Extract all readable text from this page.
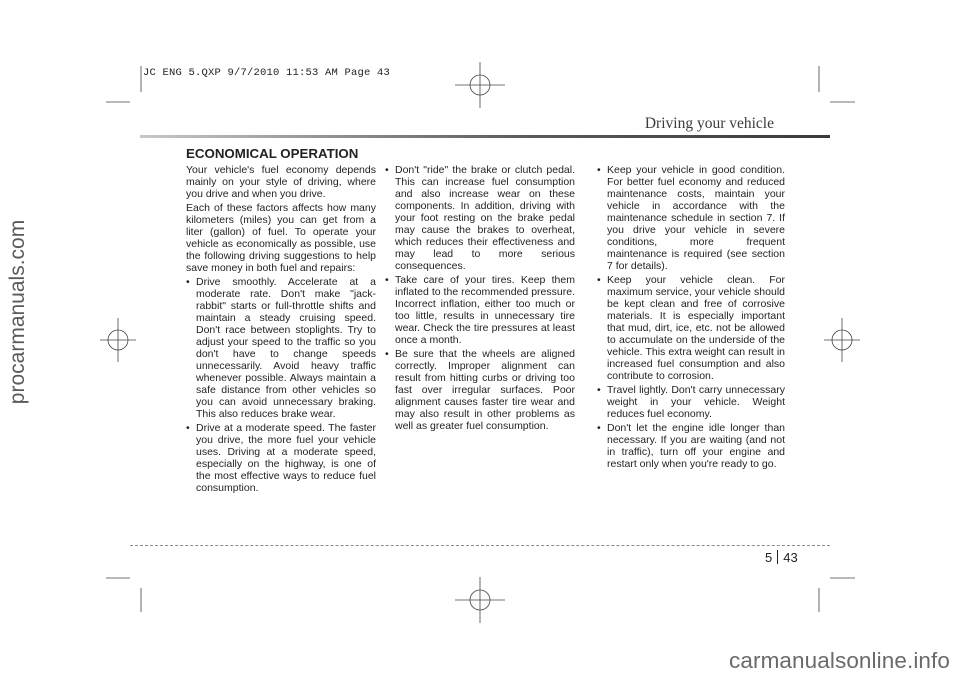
JC ENG 5.QXP 9/7/2010 11:53 AM Page 43
procarmanuals.com
Driving your vehicle
ECONOMICAL OPERATION

Your vehicle's fuel economy depends mainly on your style of driving, where you drive and when you drive.

Each of these factors affects how many kilometers (miles) you can get from a liter (gallon) of fuel. To operate your vehicle as economically as possible, use the following driving suggestions to help save money in both fuel and repairs:

• Drive smoothly. Accelerate at a moderate rate. Don't make "jack-rabbit" starts or full-throttle shifts and maintain a steady cruising speed. Don't race between stoplights. Try to adjust your speed to the traffic so you don't have to change speeds unnecessarily. Avoid heavy traffic whenever possible. Always maintain a safe distance from other vehicles so you can avoid unnecessary braking. This also reduces brake wear.
• Drive at a moderate speed. The faster you drive, the more fuel your vehicle uses. Driving at a moderate speed, especially on the highway, is one of the most effective ways to reduce fuel consumption.
• Don't "ride" the brake or clutch pedal. This can increase fuel consumption and also increase wear on these components. In addition, driving with your foot resting on the brake pedal may cause the brakes to overheat, which reduces their effectiveness and may lead to more serious consequences.
• Take care of your tires. Keep them inflated to the recommended pressure. Incorrect inflation, either too much or too little, results in unnecessary tire wear. Check the tire pressures at least once a month.
• Be sure that the wheels are aligned correctly. Improper alignment can result from hitting curbs or driving too fast over irregular surfaces. Poor alignment causes faster tire wear and may also result in other problems as well as greater fuel consumption.
• Keep your vehicle in good condition. For better fuel economy and reduced maintenance costs, maintain your vehicle in accordance with the maintenance schedule in section 7. If you drive your vehicle in severe conditions, more frequent maintenance is required (see section 7 for details).
• Keep your vehicle clean. For maximum service, your vehicle should be kept clean and free of corrosive materials. It is especially important that mud, dirt, ice, etc. not be allowed to accumulate on the underside of the vehicle. This extra weight can result in increased fuel consumption and also contribute to corrosion.
• Travel lightly. Don't carry unnecessary weight in your vehicle. Weight reduces fuel economy.
• Don't let the engine idle longer than necessary. If you are waiting (and not in traffic), turn off your engine and restart only when you're ready to go.
5 43
carmanualsonline.info
